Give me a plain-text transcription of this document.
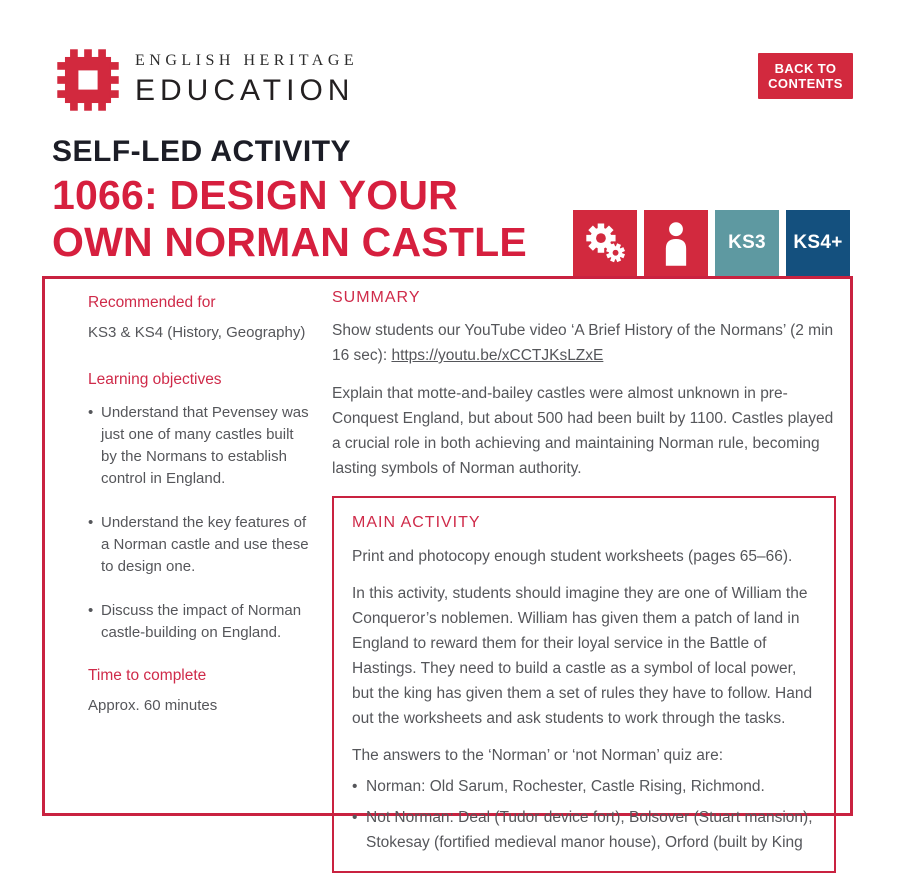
ENGLISH HERITAGE
EDUCATION
BACK TO
CONTENTS
SELF-LED ACTIVITY
1066: DESIGN YOUR
OWN NORMAN CASTLE	KS3	KS4+
Recommended for

KS3 & KS4 (History, Geography)

Learning objectives
• Understand that Pevensey was just one of many castles built by the Normans to establish control in England.
• Understand the key features of a Norman castle and use these to design one.
• Discuss the impact of Norman castle-building on England.
Time to complete

Approx. 60 minutes

SUMMARY

Show students our YouTube video ‘A Brief History of the Normans’ (2 min 16 sec): https://youtu.be/xCCTJKsLZxE

Explain that motte-and-bailey castles were almost unknown in pre-Conquest England, but about 500 had been built by 1100. Castles played a crucial role in both achieving and maintaining Norman rule, becoming lasting symbols of Norman authority.

MAIN ACTIVITY

Print and photocopy enough student worksheets (pages 65–66).

In this activity, students should imagine they are one of William the Conqueror’s noblemen. William has given them a patch of land in England to reward them for their loyal service in the Battle of Hastings. They need to build a castle as a symbol of local power, but the king has given them a set of rules they have to follow. Hand out the worksheets and ask students to work through the tasks.

The answers to the ‘Norman’ or ‘not Norman’ quiz are:

• Norman: Old Sarum, Rochester, Castle Rising, Richmond.
• Not Norman: Deal (Tudor device fort), Bolsover (Stuart mansion), Stokesay (fortified medieval manor house), Orford (built by King
